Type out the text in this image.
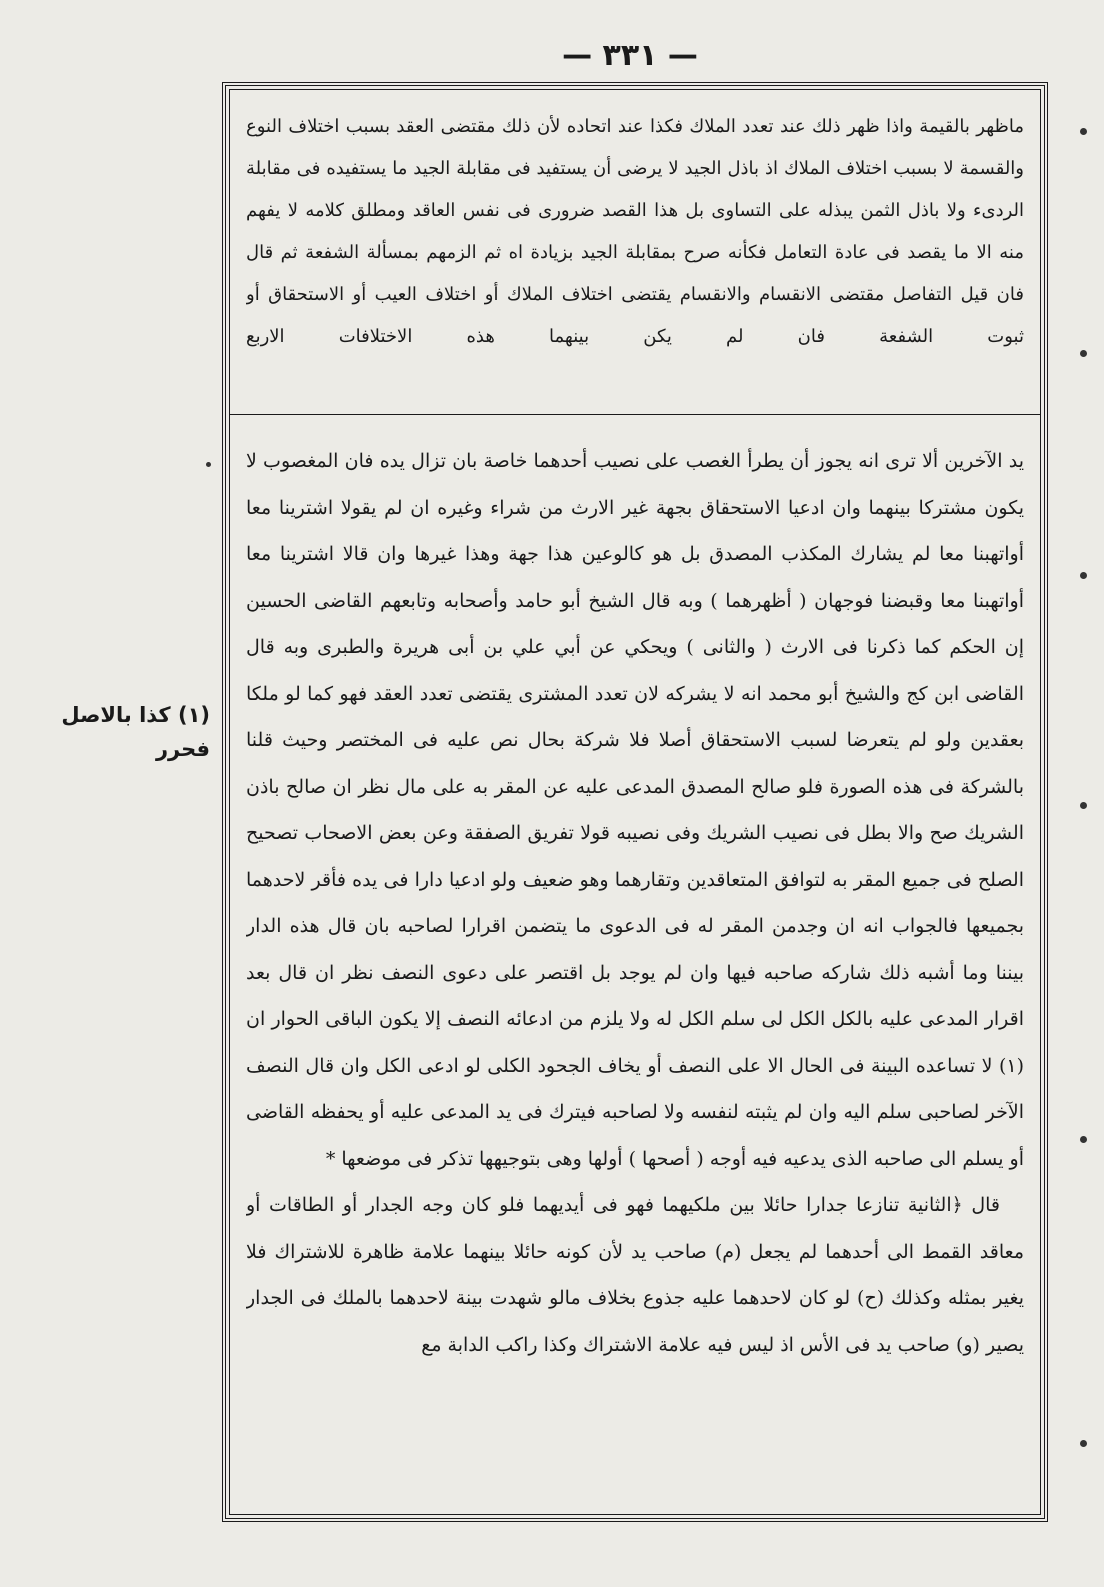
— ٣٣١ —
ماظهر بالقيمة واذا ظهر ذلك عند تعدد الملاك فكذا عند اتحاده لأن ذلك مقتضى العقد بسبب اختلاف النوع والقسمة لا بسبب اختلاف الملاك اذ باذل الجيد لا يرضى أن يستفيد فى مقابلة الجيد ما يستفيده فى مقابلة الردىء ولا باذل الثمن يبذله على التساوى بل هذا القصد ضرورى فى نفس العاقد ومطلق كلامه لا يفهم منه الا ما يقصد فى عادة التعامل فكأنه صرح بمقابلة الجيد بزيادة اه ثم الزمهم بمسألة الشفعة ثم قال فان قيل التفاصل مقتضى الانقسام والانقسام يقتضى اختلاف الملاك أو اختلاف العيب أو الاستحقاق أو ثبوت الشفعة فان لم يكن بينهما هذه الاختلافات الاربع

يد الآخرين ألا ترى انه يجوز أن يطرأ الغصب على نصيب أحدهما خاصة بان تزال يده فان المغصوب لا يكون مشتركا بينهما وان ادعيا الاستحقاق بجهة غير الارث من شراء وغيره ان لم يقولا اشترينا معا أواتهبنا معا لم يشارك المكذب المصدق بل هو كالوعين هذا جهة وهذا غيرها وان قالا اشترينا معا أواتهبنا معا وقبضنا فوجهان ( أظهرهما ) وبه قال الشيخ أبو حامد وأصحابه وتابعهم القاضى الحسين إن الحكم كما ذكرنا فى الارث ( والثانى ) ويحكي عن أبي علي بن أبى هريرة والطبرى وبه قال القاضى ابن كج والشيخ أبو محمد انه لا يشركه لان تعدد المشترى يقتضى تعدد العقد فهو كما لو ملكا بعقدين ولو لم يتعرضا لسبب الاستحقاق أصلا فلا شركة بحال نص عليه فى المختصر وحيث قلنا بالشركة فى هذه الصورة فلو صالح المصدق المدعى عليه عن المقر به على مال نظر ان صالح باذن الشريك صح والا بطل فى نصيب الشريك وفى نصيبه قولا تفريق الصفقة وعن بعض الاصحاب تصحيح الصلح فى جميع المقر به لتوافق المتعاقدين وتقارهما وهو ضعيف ولو ادعيا دارا فى يده فأقر لاحدهما بجميعها فالجواب انه ان وجدمن المقر له فى الدعوى ما يتضمن اقرارا لصاحبه بان قال هذه الدار بيننا وما أشبه ذلك شاركه صاحبه فيها وان لم يوجد بل اقتصر على دعوى النصف نظر ان قال بعد اقرار المدعى عليه بالكل الكل لى سلم الكل له ولا يلزم من ادعائه النصف إلا يكون الباقى الحوار ان (١) لا تساعده البينة فى الحال الا على النصف أو يخاف الجحود الكلى لو ادعى الكل وان قال النصف الآخر لصاحبى سلم اليه وان لم يثبته لنفسه ولا لصاحبه فيترك فى يد المدعى عليه أو يحفظه القاضى أو يسلم الى صاحبه الذى يدعيه فيه أوجه ( أصحها ) أولها وهى بتوجيهها تذكر فى موضعها *

قال ﴿الثانية تنازعا جدارا حائلا بين ملكيهما فهو فى أيديهما فلو كان وجه الجدار أو الطاقات أو معاقد القمط الى أحدهما لم يجعل (م) صاحب يد لأن كونه حائلا بينهما علامة ظاهرة للاشتراك فلا يغير بمثله وكذلك (ح) لو كان لاحدهما عليه جذوع بخلاف مالو شهدت بينة لاحدهما بالملك فى الجدار يصير (و) صاحب يد فى الأس اذ ليس فيه علامة الاشتراك وكذا راكب الدابة مع

(١) كذا بالاصل فحرر
